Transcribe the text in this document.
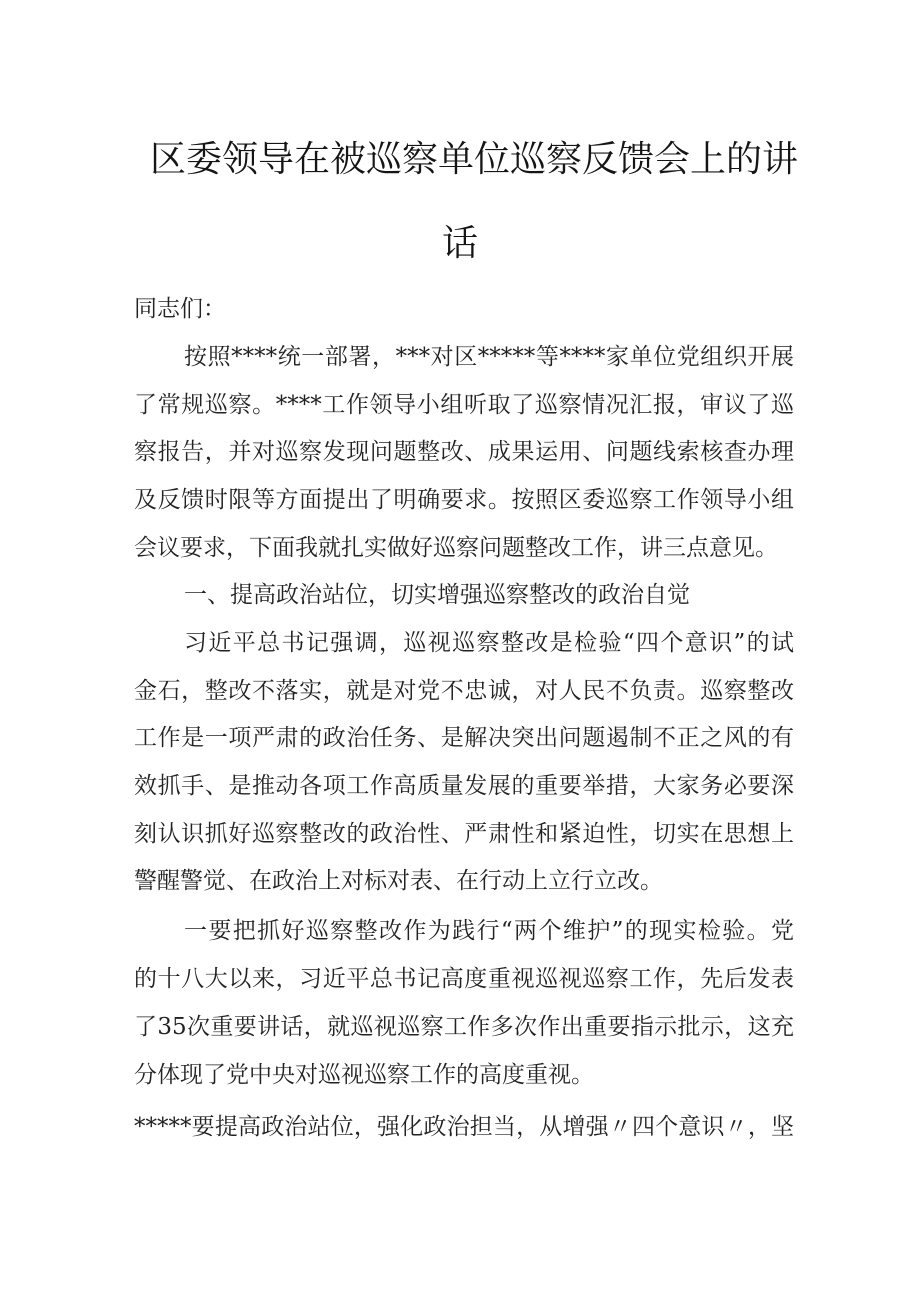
区委领导在被巡察单位巡察反馈会上的讲
话
同志们：
按照****统一部署，***对区*****等****家单位党组织开展
了常规巡察。****工作领导小组听取了巡察情况汇报，审议了巡
察报告，并对巡察发现问题整改、成果运用、问题线索核查办理
及反馈时限等方面提出了明确要求。按照区委巡察工作领导小组
会议要求，下面我就扎实做好巡察问题整改工作，讲三点意见。
一、提高政治站位，切实增强巡察整改的政治自觉
习近平总书记强调，巡视巡察整改是检验“四个意识”的试
金石，整改不落实，就是对党不忠诚，对人民不负责。巡察整改
工作是一项严肃的政治任务、是解决突出问题遏制不正之风的有
效抓手、是推动各项工作高质量发展的重要举措，大家务必要深
刻认识抓好巡察整改的政治性、严肃性和紧迫性，切实在思想上
警醒警觉、在政治上对标对表、在行动上立行立改。
一要把抓好巡察整改作为践行“两个维护”的现实检验。党
的十八大以来，习近平总书记高度重视巡视巡察工作，先后发表
了35次重要讲话，就巡视巡察工作多次作出重要指示批示，这充
分体现了党中央对巡视巡察工作的高度重视。
*****要提高政治站位，强化政治担当，从增强〃四个意识〃，坚
